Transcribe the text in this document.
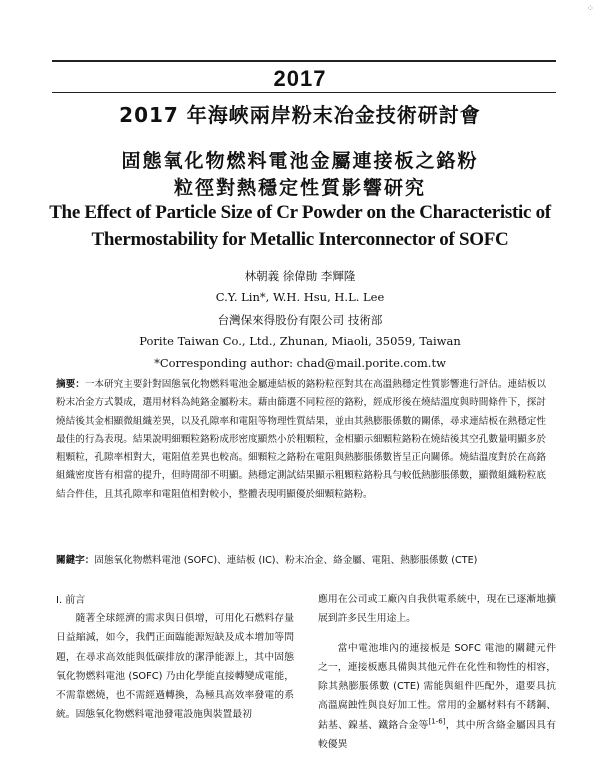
⁘
2017
2017 年海峽兩岸粉末冶金技術研討會
固態氧化物燃料電池金屬連接板之鉻粉
粒徑對熱穩定性質影響研究
The Effect of Particle Size of Cr Powder on the Characteristic of
Thermostability for Metallic Interconnector of SOFC
林朝義 徐偉勛 李輝隆
C.Y. Lin*, W.H. Hsu, H.L. Lee
台灣保來得股份有限公司 技術部
Porite Taiwan Co., Ltd., Zhunan, Miaoli, 35059, Taiwan
*Corresponding author: chad@mail.porite.com.tw

摘要：一本研究主要針對固態氧化物燃料電池金屬連結板的鉻粉粒徑對其在高溫熱穩定性質影響進行評估。連結板以粉末冶金方式製成，選用材料為純鉻金屬粉末。藉由篩選不同粒徑的鉻粉，經成形後在燒結溫度與時間條件下，探討燒結後其金相顯微組織差異，以及孔隙率和電阻等物理性質結果，並由其熱膨脹係數的關係，尋求連結板在熱穩定性最佳的行為表現。結果說明細顆粒鉻粉成形密度顯然小於粗顆粒，金相顯示細顆粒鉻粉在燒結後其空孔數量明顯多於粗顆粒，孔隙率相對大，電阻值差異也較高。細顆粒之鉻粉在電阻與熱膨脹係數皆呈正向關係。燒結溫度對於在高鉻組織密度皆有相當的提升，但時間卻不明顯。熱穩定測試結果顯示粗顆粒鉻粉具勻較低熱膨脹係數，顯微組織粉粒底結合件佳，且其孔隙率和電阻值相對較小，整體表現明顯優於細顆粒鉻粉。

關鍵字：固態氧化物燃料電池 (SOFC)、連結板 (IC)、粉末冶金、絡金屬、電阻、熱膨脹係數 (CTE)

I. 前言

隨著全球經濟的需求與日俱增，可用化石燃料存量日益縮減，如今，我們正面臨能源短缺及成本增加等問題，在尋求高效能與低碳排放的潔淨能源上，其中固態氧化物燃料電池 (SOFC) 乃由化學能直接轉變成電能，不需靠燃燒，也不需經過轉換，為極具高效率發電的系統。固態氧化物燃料電池發電設施與裝置最初

應用在公司或工廠內自我供電系統中，現在已逐漸地擴展到許多民生用途上。

當中電池堆內的連接板是 SOFC 電池的關鍵元件之一，連接板應具備與其他元件在化性和物性的相容，除其熱膨脹係數 (CTE) 需能與組件匹配外，還要具抗高溫腐蝕性與良好加工性。常用的金屬材料有不銹鋼、鈷基、鎳基、鐵鉻合金等[1-6]，其中所含絡金屬因具有較優異
